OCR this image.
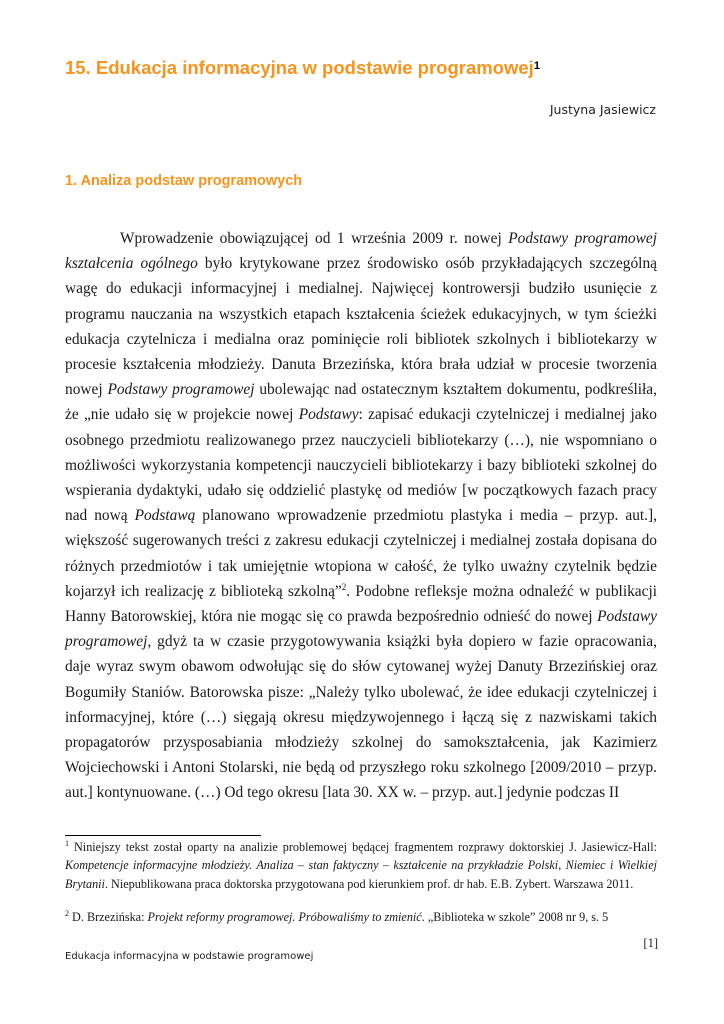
15. Edukacja informacyjna w podstawie programowej$^1$
Justyna Jasiewicz
1. Analiza podstaw programowych

Wprowadzenie obowiązującej od 1 września 2009 r. nowej Podstawy programowej kształcenia ogólnego było krytykowane przez środowisko osób przykładających szczególną wagę do edukacji informacyjnej i medialnej. Najwięcej kontrowersji budziło usunięcie z programu nauczania na wszystkich etapach kształcenia ścieżek edukacyjnych, w tym ścieżki edukacja czytelnicza i medialna oraz pominięcie roli bibliotek szkolnych i bibliotekarzy w procesie kształcenia młodzieży. Danuta Brzezińska, która brała udział w procesie tworzenia nowej Podstawy programowej ubolewając nad ostatecznym kształtem dokumentu, podkreśliła, że „nie udało się w projekcie nowej Podstawy: zapisać edukacji czytelniczej i medialnej jako osobnego przedmiotu realizowanego przez nauczycieli bibliotekarzy (…), nie wspomniano o możliwości wykorzystania kompetencji nauczycieli bibliotekarzy i bazy biblioteki szkolnej do wspierania dydaktyki, udało się oddzielić plastykę od mediów [w początkowych fazach pracy nad nową Podstawą planowano wprowadzenie przedmiotu plastyka i media – przyp. aut.], większość sugerowanych treści z zakresu edukacji czytelniczej i medialnej została dopisana do różnych przedmiotów i tak umiejętnie wtopiona w całość, że tylko uważny czytelnik będzie kojarzył ich realizację z biblioteką szkolną”$^2$. Podobne refleksje można odnaleźć w publikacji Hanny Batorowskiej, która nie mogąc się co prawda bezpośrednio odnieść do nowej Podstawy programowej, gdyż ta w czasie przygotowywania książki była dopiero w fazie opracowania, daje wyraz swym obawom odwołując się do słów cytowanej wyżej Danuty Brzezińskiej oraz Bogumiły Staniów. Batorowska pisze: „Należy tylko ubolewać, że idee edukacji czytelniczej i informacyjnej, które (…) sięgają okresu międzywojennego i łączą się z nazwiskami takich propagatorów przysposabiania młodzieży szkolnej do samokształcenia, jak Kazimierz Wojciechowski i Antoni Stolarski, nie będą od przyszłego roku szkolnego [2009/2010 – przyp. aut.] kontynuowane. (…) Od tego okresu [lata 30. XX w. – przyp. aut.] jedynie podczas II

$^1$ Niniejszy tekst został oparty na analizie problemowej będącej fragmentem rozprawy doktorskiej J. Jasiewicz-Hall: Kompetencje informacyjne młodzieży. Analiza – stan faktyczny – kształcenie na przykładzie Polski, Niemiec i Wielkiej Brytanii. Niepublikowana praca doktorska przygotowana pod kierunkiem prof. dr hab. E.B. Zybert. Warszawa 2011.

$^2$ D. Brzezińska: Projekt reformy programowej. Próbowaliśmy to zmienić. „Biblioteka w szkole” 2008 nr 9, s. 5

[1]
Edukacja informacyjna w podstawie programowej
